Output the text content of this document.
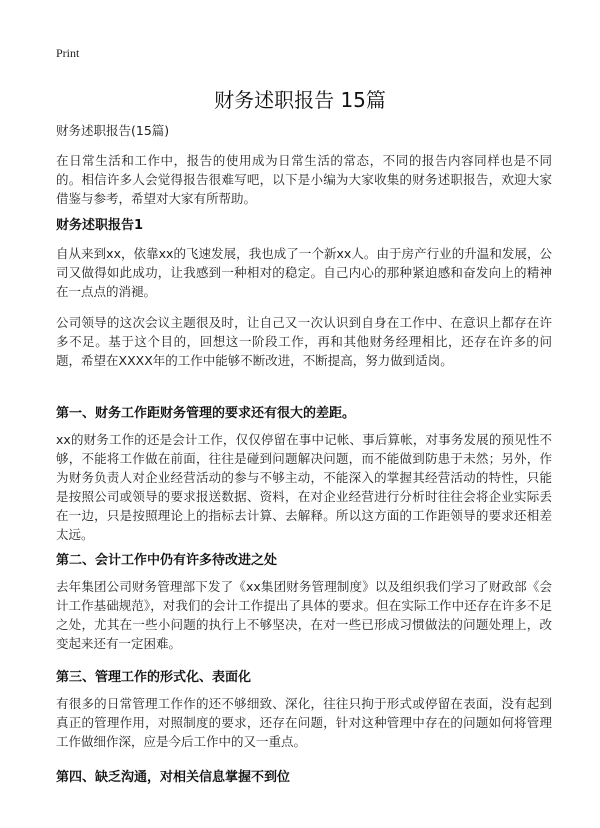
Print
财务述职报告 15篇
财务述职报告(15篇)
在日常生活和工作中，报告的使用成为日常生活的常态，不同的报告内容同样也是不同的。相信许多人会觉得报告很难写吧，以下是小编为大家收集的财务述职报告，欢迎大家借鉴与参考，希望对大家有所帮助。
财务述职报告1
自从来到xx，依靠xx的飞速发展，我也成了一个新xx人。由于房产行业的升温和发展，公司又做得如此成功，让我感到一种相对的稳定。自己内心的那种紧迫感和奋发向上的精神在一点点的消褪。
公司领导的这次会议主题很及时，让自己又一次认识到自身在工作中、在意识上都存在许多不足。基于这个目的，回想这一阶段工作，再和其他财务经理相比，还存在许多的问题，希望在XXXX年的工作中能够不断改进，不断提高，努力做到适岗。
第一、财务工作距财务管理的要求还有很大的差距。
xx的财务工作的还是会计工作，仅仅停留在事中记帐、事后算帐，对事务发展的预见性不够，不能将工作做在前面，往往是碰到问题解决问题，而不能做到防患于未然；另外，作为财务负责人对企业经营活动的参与不够主动，不能深入的掌握其经营活动的特性，只能是按照公司或领导的要求报送数据、资料，在对企业经营进行分析时往往会将企业实际丢在一边，只是按照理论上的指标去计算、去解释。所以这方面的工作距领导的要求还相差太远。
第二、会计工作中仍有许多待改进之处
去年集团公司财务管理部下发了《xx集团财务管理制度》以及组织我们学习了财政部《会计工作基础规范》，对我们的会计工作提出了具体的要求。但在实际工作中还存在许多不足之处，尤其在一些小问题的执行上不够坚决，在对一些已形成习惯做法的问题处理上，改变起来还有一定困难。
第三、管理工作的形式化、表面化
有很多的日常管理工作作的还不够细致、深化，往往只拘于形式或停留在表面，没有起到真正的管理作用，对照制度的要求，还存在问题，针对这种管理中存在的问题如何将管理工作做细作深，应是今后工作中的又一重点。
第四、缺乏沟通，对相关信息掌握不到位
